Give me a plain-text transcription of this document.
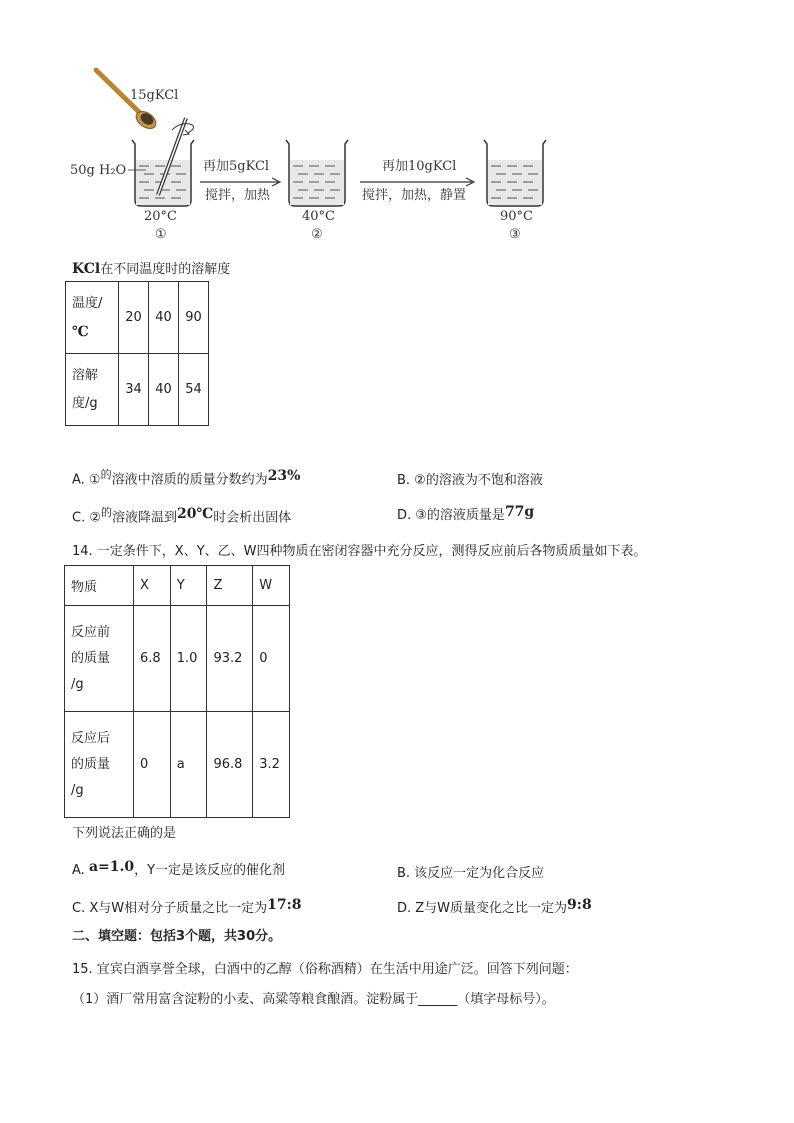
15gKCl
50g H₂O	再加5gKCl
搅拌，加热
再加10gKCl
搅拌，加热，静置
20°C
①
40°C
②
90°C
③
KCl在不同温度时的溶解度
温度/
℃	20	40	90

溶解
度/g	34	40	54
A. ①$^的$溶液中溶质的质量分数约为23%	B. ②的溶液为不饱和溶液
C. ②$^的$溶液降温到20℃时会析出固体	D. ③的溶液质量是77g
14. 一定条件下，X、Y、乙、W四种物质在密闭容器中充分反应，测得反应前后各物质质量如下表。
物质	X	Y	Z	W

反应前
的质量
/g	6.8	1.0	93.2	0

反应后
的质量
/g	0	a	96.8	3.2
下列说法正确的是
A. a=1.0，Y一定是该反应的催化剂	B. 该反应一定为化合反应
C. X与W相对分子质量之比一定为17:8	D. Z与W质量变化之比一定为9:8
二、填空题：包括3个题，共30分。
15. 宜宾白酒享誉全球，白酒中的乙醇（俗称酒精）在生活中用途广泛。回答下列问题：
（1）酒厂常用富含淀粉的小麦、高粱等粮食酿酒。淀粉属于______（填字母标号）。
